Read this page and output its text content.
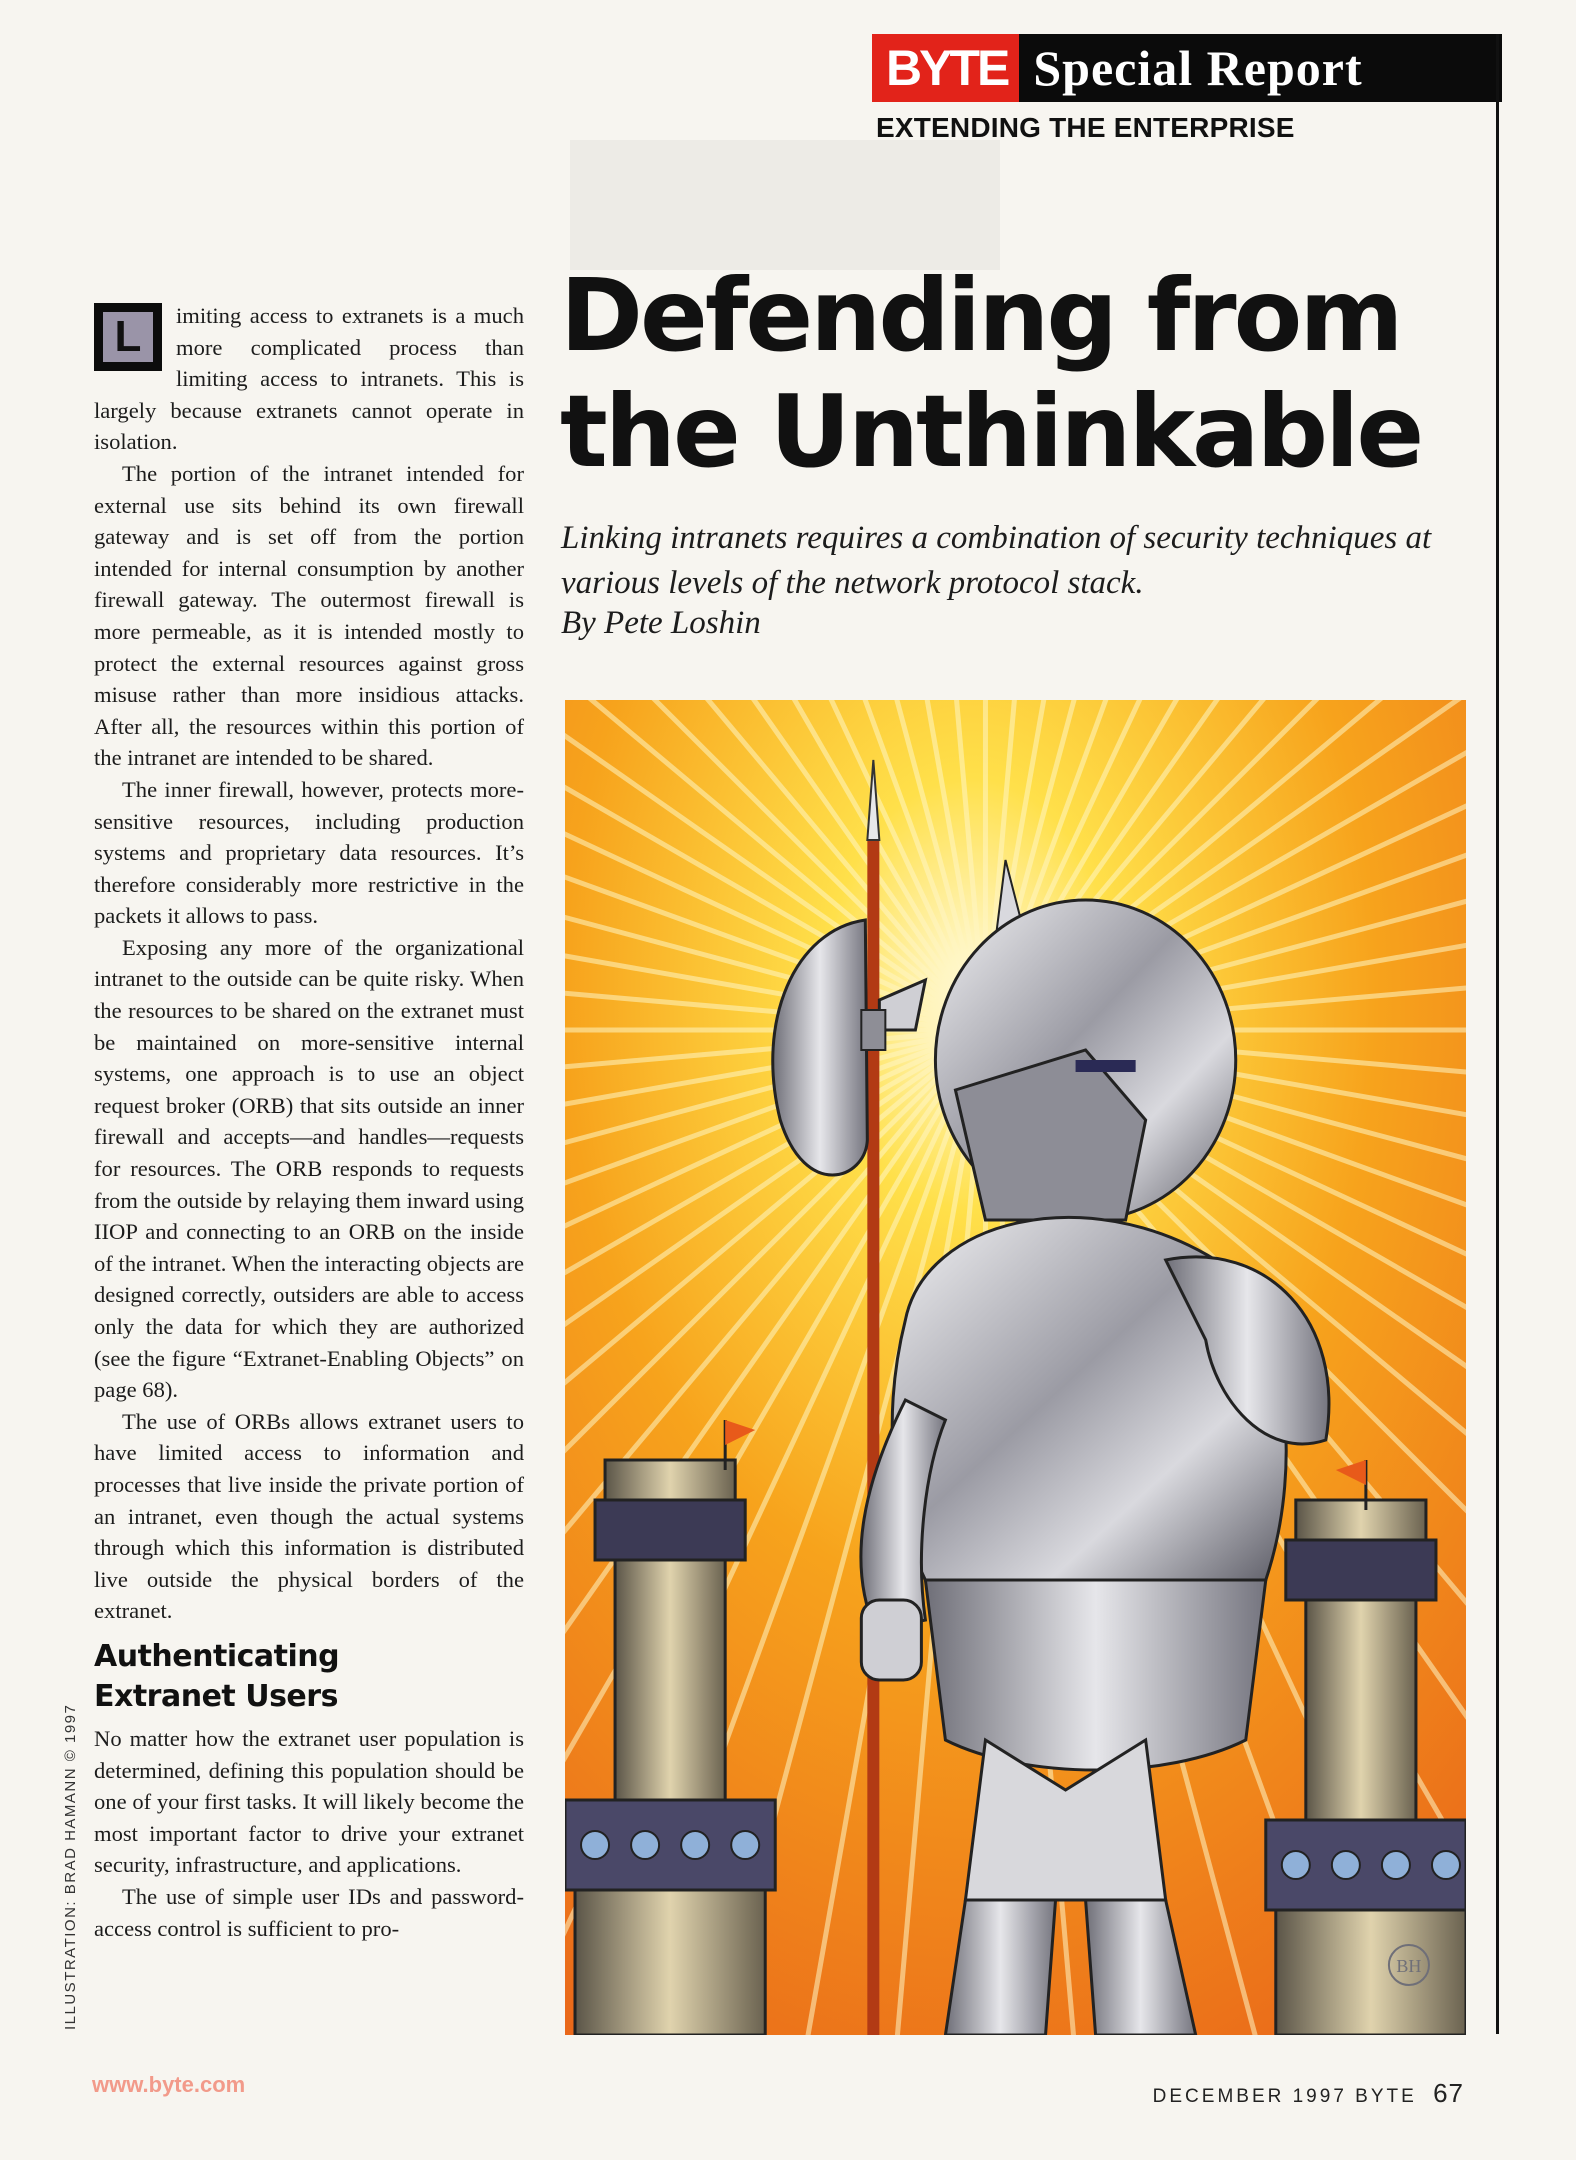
BYTE Special Report
EXTENDING THE ENTERPRISE
Defending from
the Unthinkable
Linking intranets requires a combination of security techniques at various levels of the network protocol stack.
By Pete Loshin

L	imiting access to extranets is a much more complicated process than limiting access to intranets. This is largely because extranets cannot operate in isolation.

The portion of the intranet intended for external use sits behind its own firewall gateway and is set off from the portion intended for internal consumption by another firewall gateway. The outermost firewall is more permeable, as it is intended mostly to protect the external resources against gross misuse rather than more insidious attacks. After all, the resources within this portion of the intranet are intended to be shared.

The inner firewall, however, protects more-sensitive resources, including production systems and proprietary data resources. It’s therefore considerably more restrictive in the packets it allows to pass.

Exposing any more of the organizational intranet to the outside can be quite risky. When the resources to be shared on the extranet must be maintained on more-sensitive internal systems, one approach is to use an object request broker (ORB) that sits outside an inner firewall and accepts—and handles—requests for resources. The ORB responds to requests from the outside by relaying them inward using IIOP and connecting to an ORB on the inside of the intranet. When the interacting objects are designed correctly, outsiders are able to access only the data for which they are authorized (see the figure “Extranet-Enabling Objects” on page 68).

The use of ORBs allows extranet users to have limited access to information and processes that live inside the private portion of an intranet, even though the actual systems through which this information is distributed live outside the physical borders of the extranet.

Authenticating
Extranet Users

No matter how the extranet user population is determined, defining this population should be one of your first tasks. It will likely become the most important factor to drive your extranet security, infrastructure, and applications.

The use of simple user IDs and password-access control is sufficient to pro-

ILLUSTRATION: BRAD HAMANN © 1997	BH
www.byte.com	DECEMBER 1997 BYTE 67
